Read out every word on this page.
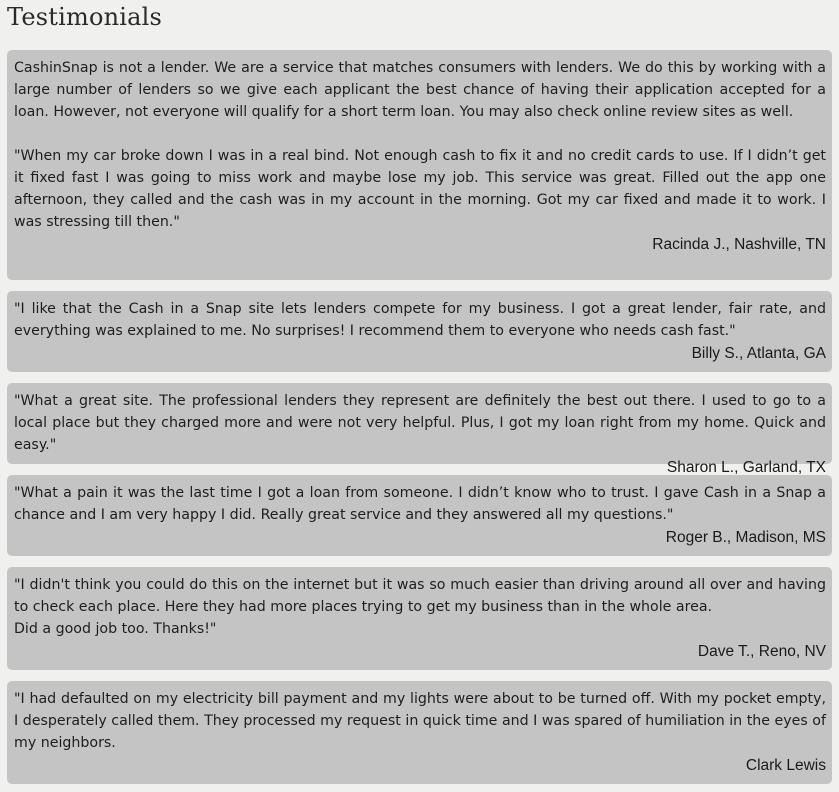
Testimonials

CashinSnap is not a lender. We are a service that matches consumers with lenders. We do this by working with a large number of lenders so we give each applicant the best chance of having their application accepted for a loan. However, not everyone will qualify for a short term loan. You may also check online review sites as well.

"When my car broke down I was in a real bind. Not enough cash to fix it and no credit cards to use. If I didn’t get it fixed fast I was going to miss work and maybe lose my job. This service was great. Filled out the app one afternoon, they called and the cash was in my account in the morning. Got my car fixed and made it to work. I was stressing till then."

Racinda J., Nashville, TN

"I like that the Cash in a Snap site lets lenders compete for my business. I got a great lender, fair rate, and everything was explained to me. No surprises! I recommend them to everyone who needs cash fast."

Billy S., Atlanta, GA

"What a great site. The professional lenders they represent are definitely the best out there. I used to go to a local place but they charged more and were not very helpful. Plus, I got my loan right from my home. Quick and easy."

Sharon L., Garland, TX

"What a pain it was the last time I got a loan from someone. I didn’t know who to trust. I gave Cash in a Snap a chance and I am very happy I did. Really great service and they answered all my questions."

Roger B., Madison, MS

"I didn't think you could do this on the internet but it was so much easier than driving around all over and having to check each place. Here they had more places trying to get my business than in the whole area.
Did a good job too. Thanks!"

Dave T., Reno, NV

"I had defaulted on my electricity bill payment and my lights were about to be turned off. With my pocket empty, I desperately called them. They processed my request in quick time and I was spared of humiliation in the eyes of my neighbors.

Clark Lewis
